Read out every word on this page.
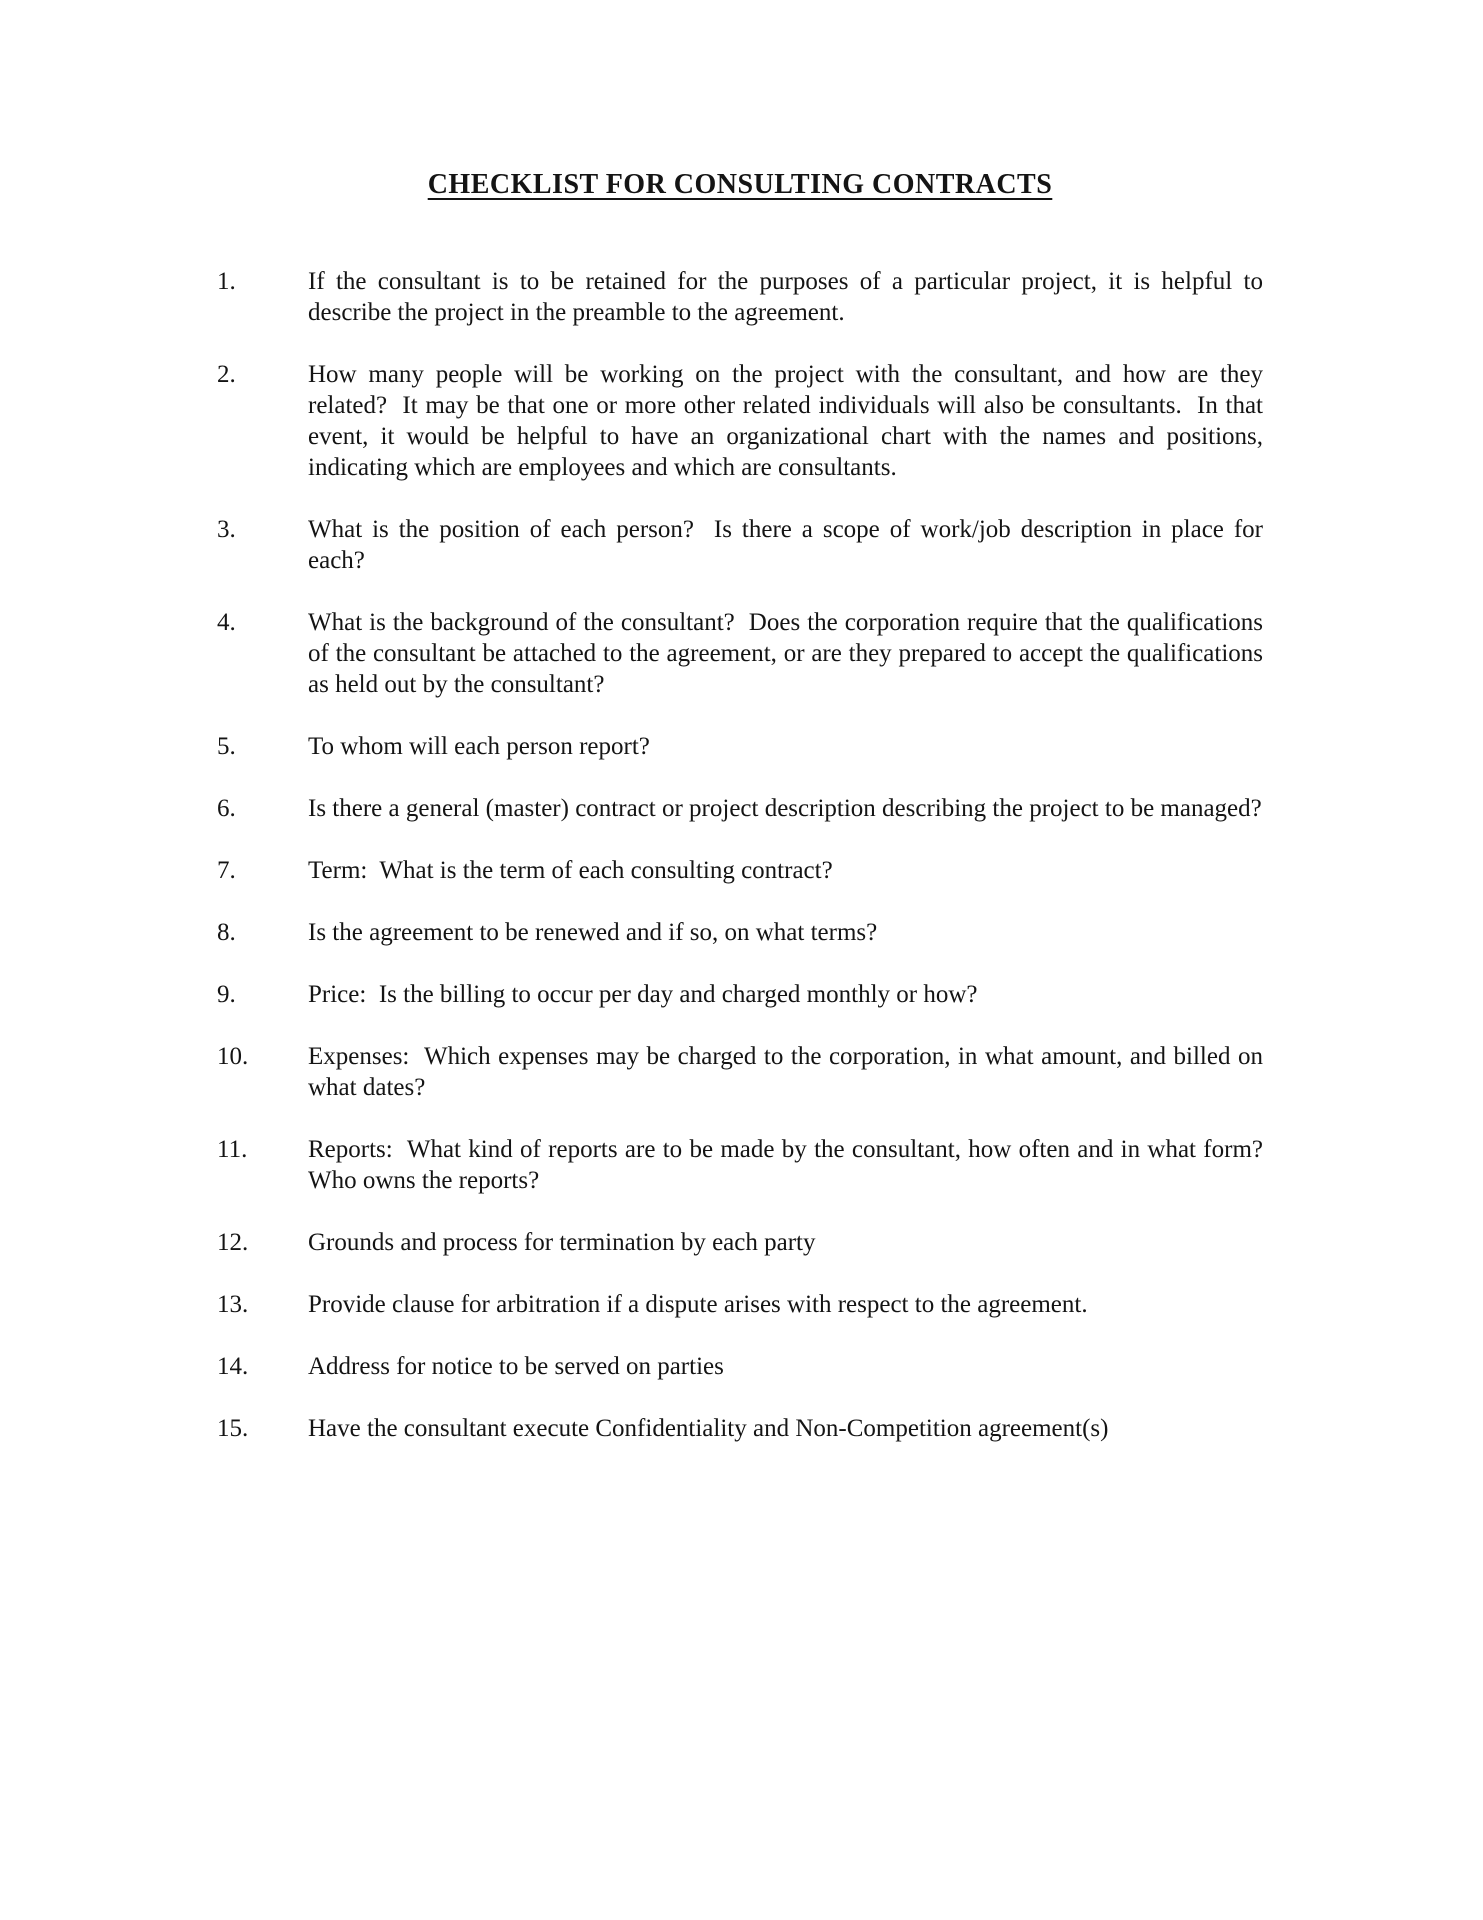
CHECKLIST FOR CONSULTING CONTRACTS
1.	If the consultant is to be retained for the purposes of a particular project, it is helpful to describe the project in the preamble to the agreement.
2.	How many people will be working on the project with the consultant, and how are they related?  It may be that one or more other related individuals will also be consultants.  In that event, it would be helpful to have an organizational chart with the names and positions, indicating which are employees and which are consultants.
3.	What is the position of each person?  Is there a scope of work/job description in place for each?
4.	What is the background of the consultant?  Does the corporation require that the qualifications of the consultant be attached to the agreement, or are they prepared to accept the qualifications as held out by the consultant?
5.	To whom will each person report?
6.	Is there a general (master) contract or project description describing the project to be managed?
7.	Term:  What is the term of each consulting contract?
8.	Is the agreement to be renewed and if so, on what terms?
9.	Price:  Is the billing to occur per day and charged monthly or how?
10.	Expenses:  Which expenses may be charged to the corporation, in what amount, and billed on what dates?
11.	Reports:  What kind of reports are to be made by the consultant, how often and in what form?  Who owns the reports?
12.	Grounds and process for termination by each party
13.	Provide clause for arbitration if a dispute arises with respect to the agreement.
14.	Address for notice to be served on parties
15.	Have the consultant execute Confidentiality and Non-Competition agreement(s)
